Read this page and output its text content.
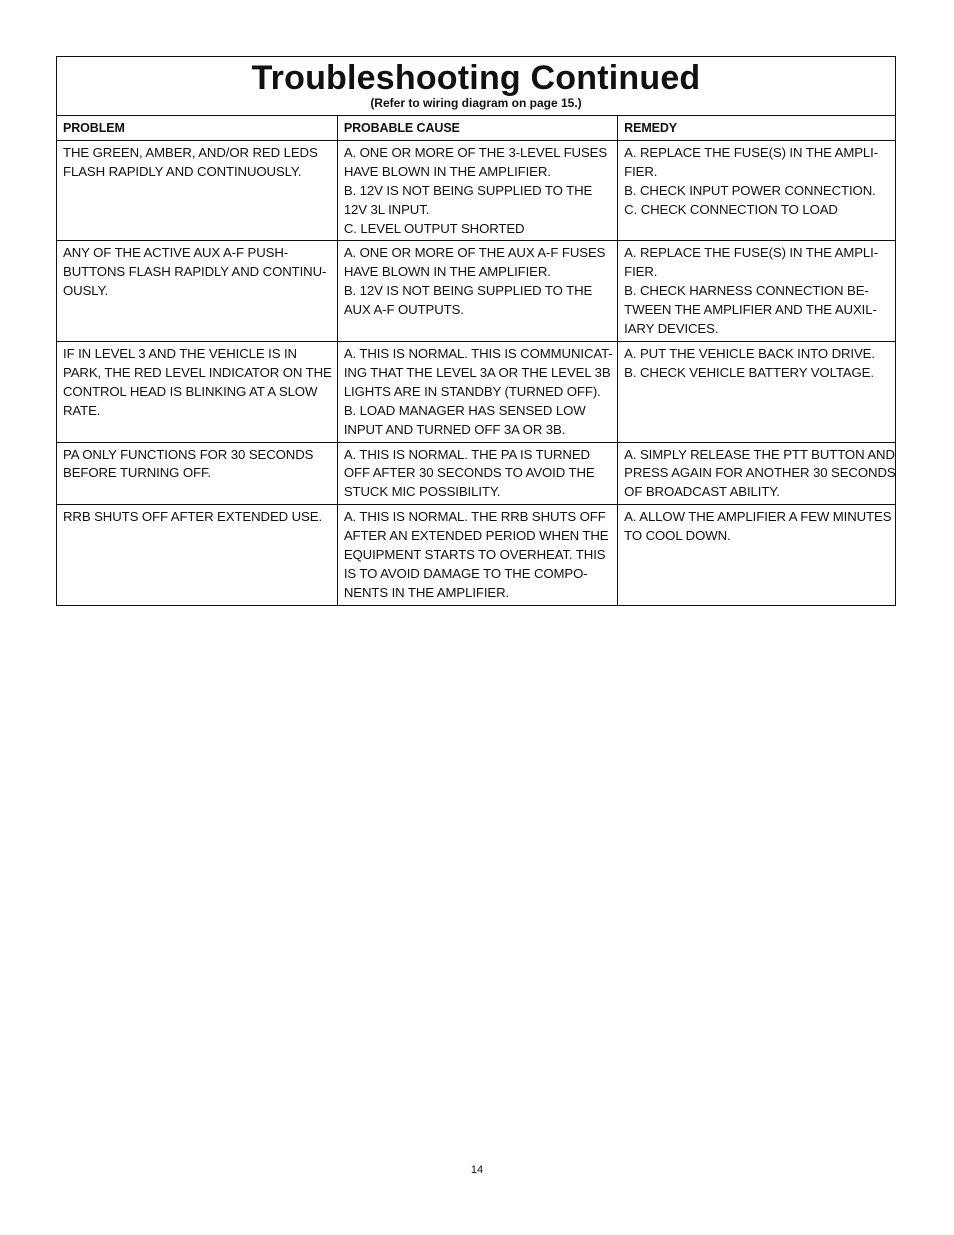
Troubleshooting Continued
(Refer to wiring diagram on page 15.)
PROBLEM	PROBABLE CAUSE	REMEDY

THE GREEN, AMBER, AND/OR RED LEDS
FLASH RAPIDLY AND CONTINUOUSLY.	A. ONE OR MORE OF THE 3-LEVEL FUSES
HAVE BLOWN IN THE AMPLIFIER.
B. 12V IS NOT BEING SUPPLIED TO THE
12V 3L INPUT.
C. LEVEL OUTPUT SHORTED	A. REPLACE THE FUSE(S) IN THE AMPLI-
FIER.
B. CHECK INPUT POWER CONNECTION.
C. CHECK CONNECTION TO LOAD

ANY OF THE ACTIVE AUX A-F PUSH-
BUTTONS FLASH RAPIDLY AND CONTINU-
OUSLY.	A. ONE OR MORE OF THE AUX A-F FUSES
HAVE BLOWN IN THE AMPLIFIER.
B. 12V IS NOT BEING SUPPLIED TO THE
AUX A-F OUTPUTS.	A. REPLACE THE FUSE(S) IN THE AMPLI-
FIER.
B. CHECK HARNESS CONNECTION BE-
TWEEN THE AMPLIFIER AND THE AUXIL-
IARY DEVICES.

IF IN LEVEL 3 AND THE VEHICLE IS IN
PARK, THE RED LEVEL INDICATOR ON THE
CONTROL HEAD IS BLINKING AT A SLOW
RATE.	A. THIS IS NORMAL. THIS IS COMMUNICAT-
ING THAT THE LEVEL 3A OR THE LEVEL 3B
LIGHTS ARE IN STANDBY (TURNED OFF).
B. LOAD MANAGER HAS SENSED LOW
INPUT AND TURNED OFF 3A OR 3B.	A. PUT THE VEHICLE BACK INTO DRIVE.
B. CHECK VEHICLE BATTERY VOLTAGE.

PA ONLY FUNCTIONS FOR 30 SECONDS
BEFORE TURNING OFF.	A. THIS IS NORMAL. THE PA IS TURNED
OFF AFTER 30 SECONDS TO AVOID THE
STUCK MIC POSSIBILITY.	A. SIMPLY RELEASE THE PTT BUTTON AND
PRESS AGAIN FOR ANOTHER 30 SECONDS
OF BROADCAST ABILITY.

RRB SHUTS OFF AFTER EXTENDED USE.	A. THIS IS NORMAL. THE RRB SHUTS OFF
AFTER AN EXTENDED PERIOD WHEN THE
EQUIPMENT STARTS TO OVERHEAT. THIS
IS TO AVOID DAMAGE TO THE COMPO-
NENTS IN THE AMPLIFIER.	A. ALLOW THE AMPLIFIER A FEW MINUTES
TO COOL DOWN.
14
